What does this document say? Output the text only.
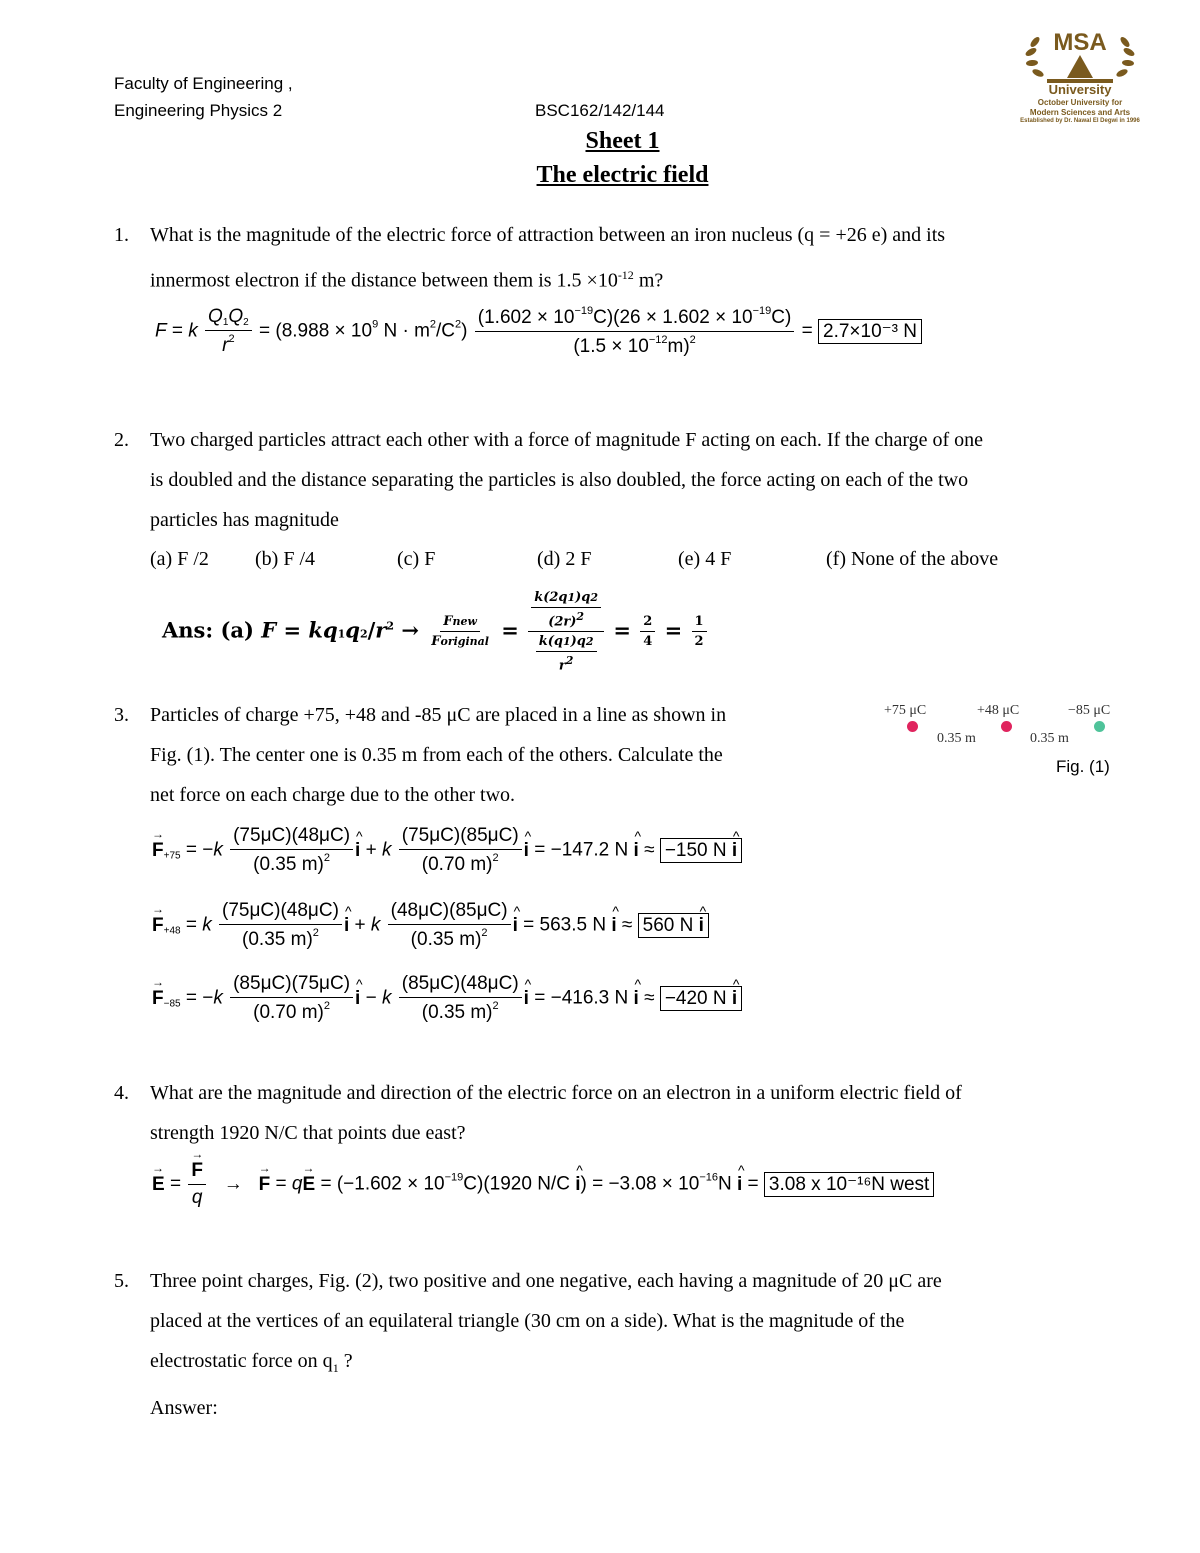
Faculty of Engineering ,
Engineering Physics 2	BSC162/142/144
Sheet 1
The electric field
MSA
University
October University for
Modern Sciences and Arts
Established by Dr. Nawal El Degwi in 1996
1. What is the magnitude of the electric force of attraction between an iron nucleus (q = +26 e) and its
innermost electron if the distance between them is $1.5 \times 10^{-12}$ m?
F = k $\frac{Q_1Q_2}{r^2} = (8.988 \times 10^9$ $N \cdot m^2/C^2) \frac{(1.602 \times 10^{-19}C)(26 \times 1.602 \times 10^{-19}C)}{(1.5 \times 10^{-12}m)^2} = 2.7\times 10^{-3}$ N
2. Two charged particles attract each other with a force of magnitude F acting on each. If the charge of one
is doubled and the distance separating the particles is also doubled, the force acting on each of the two
particles has magnitude
(a) F /2 (b) F /4	(c) F	(d) 2 F	(e) 4 F	(f) None of the above
Ans: (a) $F = kq1q2/r^2 \to \frac{\text{Fnew}}{\text{Foriginal}} = \frac{\frac{k(2q1)q2}{(2r)^2}}{\frac{k(q1)q2}{r^2}} = \frac{2}{4} = \frac{1}{2}$
3. Particles of charge +75, +48 and -85 μC are placed in a line as shown in
Fig. (1). The center one is 0.35 m from each of the others. Calculate the
net force on each charge due to the other two.
+75 μC	+48 μC	−85 μC
0.35 m	0.35 m
Fig. (1)
→ $F_{+75} = -k \frac{(75\mu C)(48\mu C)}{(0.35 m)^2}$ ^ i + k $\frac{(75\mu C)(85\mu C)}{(0.70 m)^2}$ ^ i = −147.2 N ^ i ≈ −150 N ^ i
→ $F_{+48} = k \frac{(75\mu C)(48\mu C)}{(0.35 m)^2}$ ^ i + k $\frac{(48\mu C)(85\mu C)}{(0.35 m)^2}$ ^ i = 563.5 N ^ i ≈ 560 N ^ i
→ $F_{-85} = -k \frac{(85\mu C)(75\mu C)}{(0.70 m)^2}$ ^ i − k $\frac{(85\mu C)(48\mu C)}{(0.35 m)^2}$ ^ i = −416.3 N ^ i ≈ −420 N ^ i
4. What are the magnitude and direction of the electric force on an electron in a uniform electric field of
strength 1920 N/C that points due east?
→ E = → $\frac{F}{q}$ →   → $F = q\to E = (-1.602 \times 10^{-19}C)(1920$ N/C ^ $i) = -3.08 \times 10^{-16}N$ ^ i = 3.08 x 10⁻¹⁶N west
5. Three point charges, Fig. (2), two positive and one negative, each having a magnitude of 20 μC are
placed at the vertices of an equilateral triangle (30 cm on a side). What is the magnitude of the
electrostatic force on $q_1$ ?
Answer:
